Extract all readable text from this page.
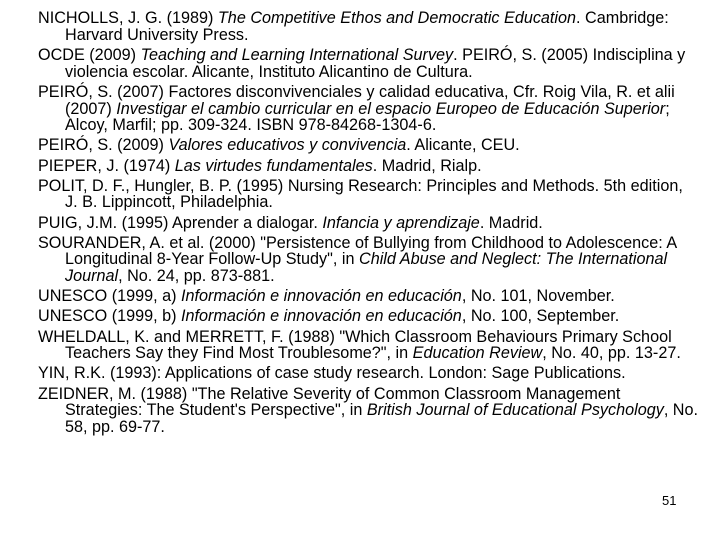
NICHOLLS, J. G. (1989) The Competitive Ethos and Democratic Education. Cambridge: Harvard University Press.

OCDE (2009) Teaching and Learning International Survey. PEIRÓ, S. (2005) Indisciplina y violencia escolar. Alicante, Instituto Alicantino de Cultura.

PEIRÓ, S. (2007) Factores disconvivenciales y calidad educativa, Cfr. Roig Vila, R. et alii (2007) Investigar el cambio curricular en el espacio Europeo de Educación Superior; Alcoy, Marfil; pp. 309-324. ISBN 978-84268-1304-6.

PEIRÓ, S. (2009) Valores educativos y convivencia. Alicante, CEU.

PIEPER, J. (1974) Las virtudes fundamentales. Madrid, Rialp.

POLIT, D. F., Hungler, B. P. (1995) Nursing Research: Principles and Methods. 5th edition, J. B. Lippincott, Philadelphia.

PUIG, J.M. (1995) Aprender a dialogar. Infancia y aprendizaje. Madrid.

SOURANDER, A. et al. (2000) "Persistence of Bullying from Childhood to Adolescence: A Longitudinal 8-Year Follow-Up Study", in Child Abuse and Neglect: The International Journal, No. 24, pp. 873-881.

UNESCO (1999, a) Información e innovación en educación, No. 101, November.

UNESCO (1999, b) Información e innovación en educación, No. 100, September.

WHELDALL, K. and MERRETT, F. (1988) "Which Classroom Behaviours Primary School Teachers Say they Find Most Troublesome?", in Education Review, No. 40, pp. 13-27.

YIN, R.K. (1993): Applications of case study research. London: Sage Publications.

ZEIDNER, M. (1988) "The Relative Severity of Common Classroom Management Strategies: The Student's Perspective", in British Journal of Educational Psychology, No. 58, pp. 69-77.

51
